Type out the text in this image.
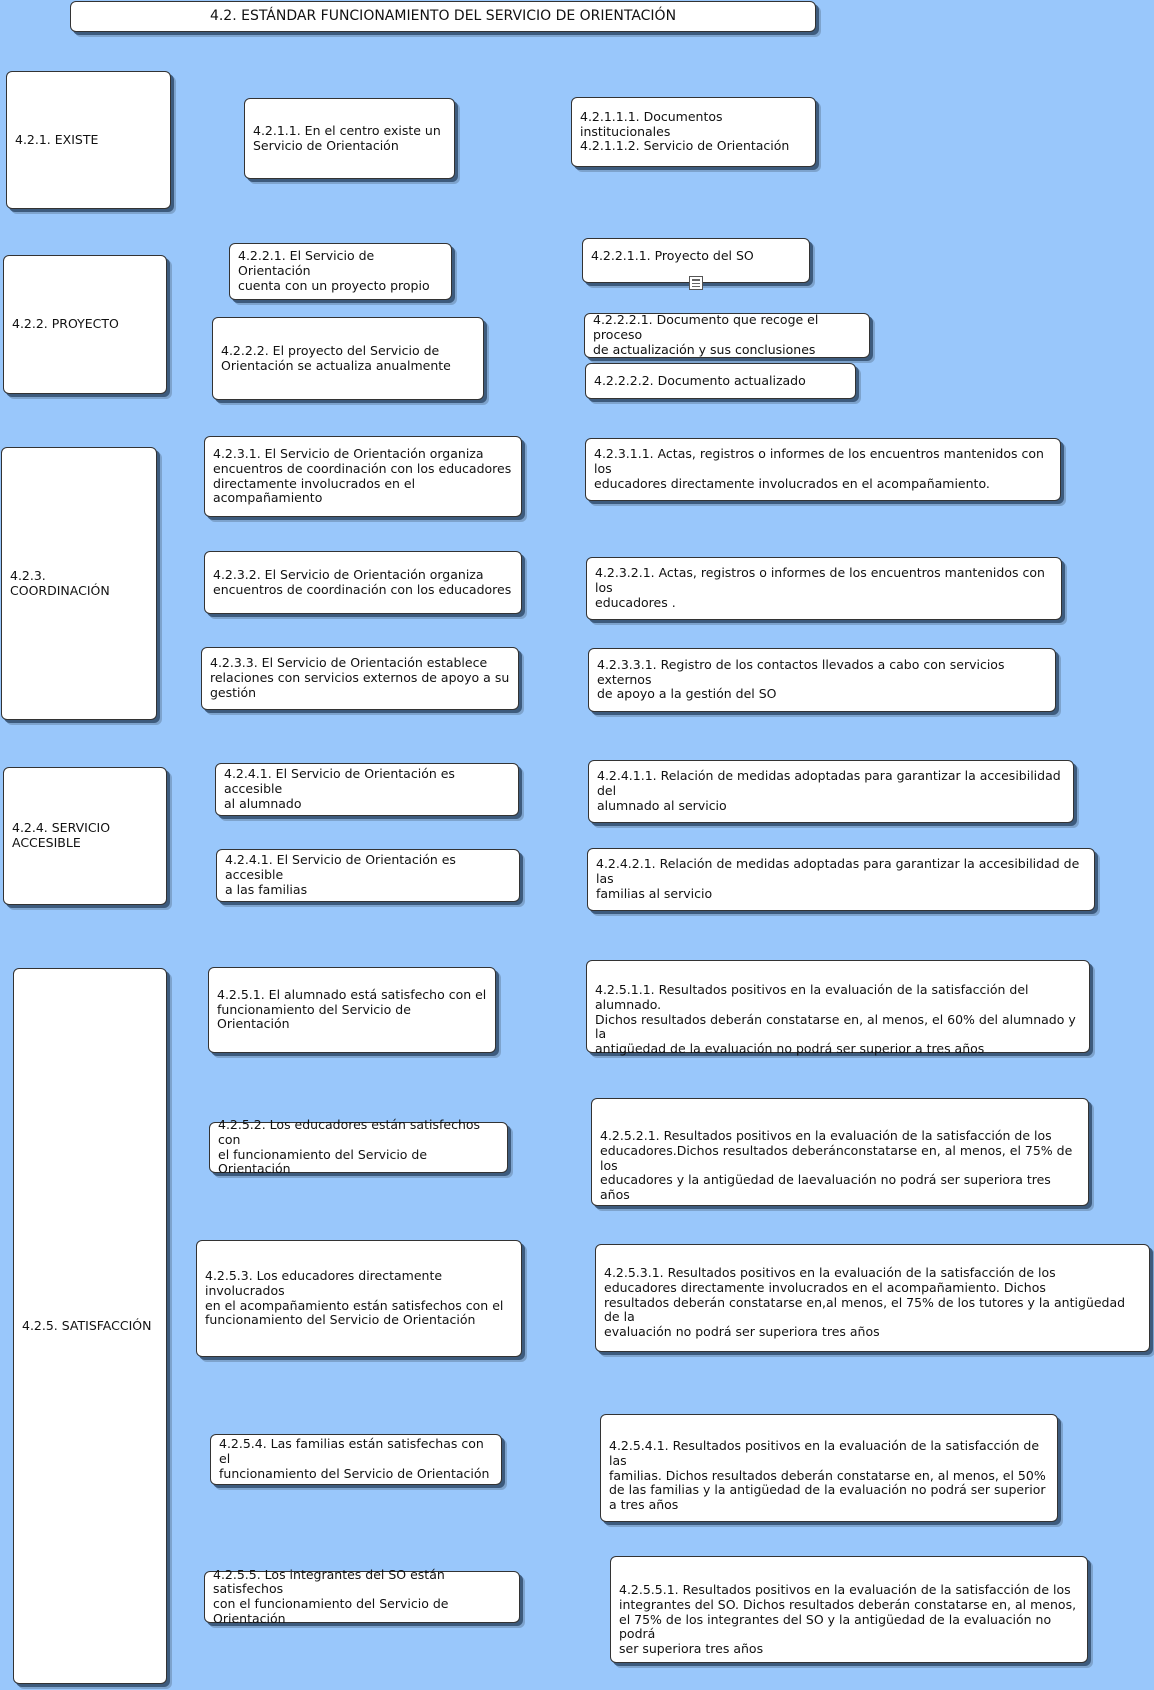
4.2. ESTÁNDAR FUNCIONAMIENTO DEL SERVICIO DE ORIENTACIÓN
4.2.1. EXISTE
4.2.2. PROYECTO
4.2.3. COORDINACIÓN
4.2.4. SERVICIO
ACCESIBLE
4.2.5. SATISFACCIÓN
4.2.1.1. En el centro existe un
Servicio de Orientación
4.2.2.1. El Servicio de Orientación
cuenta con un proyecto propio
4.2.2.2. El proyecto del Servicio de
Orientación se actualiza anualmente
4.2.3.1. El Servicio de Orientación organiza
encuentros de coordinación con los educadores
directamente involucrados en el acompañamiento
4.2.3.2. El Servicio de Orientación organiza
encuentros de coordinación con los educadores
4.2.3.3. El Servicio de Orientación establece
relaciones con servicios externos de apoyo a su
gestión
4.2.4.1. El Servicio de Orientación es accesible
al alumnado
4.2.4.1. El Servicio de Orientación es accesible
a las familias
4.2.5.1. El alumnado está satisfecho con el
funcionamiento del Servicio de Orientación
4.2.5.2. Los educadores están satisfechos con
el funcionamiento del Servicio de Orientación
4.2.5.3. Los educadores directamente involucrados
en el acompañamiento están satisfechos con el
funcionamiento del Servicio de Orientación
4.2.5.4. Las familias están satisfechas con el
funcionamiento del Servicio de Orientación
4.2.5.5. Los integrantes del SO están satisfechos
con el funcionamiento del Servicio de Orientación
4.2.1.1.1. Documentos institucionales
4.2.1.1.2. Servicio de Orientación
4.2.2.1.1. Proyecto del SO
4.2.2.2.1. Documento que recoge el proceso
de actualización y sus conclusiones
4.2.2.2.2. Documento actualizado
4.2.3.1.1. Actas, registros o informes de los encuentros mantenidos con los
educadores directamente involucrados en el acompañamiento.
4.2.3.2.1. Actas, registros o informes de los encuentros mantenidos con los
educadores .
4.2.3.3.1. Registro de los contactos llevados a cabo con servicios externos
de apoyo a la gestión del SO
4.2.4.1.1. Relación de medidas adoptadas para garantizar la accesibilidad del
alumnado al servicio
4.2.4.2.1. Relación de medidas adoptadas para garantizar la accesibilidad de las
familias al servicio
4.2.5.1.1. Resultados positivos en la evaluación de la satisfacción del alumnado.
Dichos resultados deberán constatarse en, al menos, el 60% del alumnado y la
antigüedad de la evaluación no podrá ser superior a tres años
4.2.5.2.1. Resultados positivos en la evaluación de la satisfacción de los
educadores.Dichos resultados deberánconstatarse en, al menos, el 75% de los
educadores y la antigüedad de laevaluación no podrá ser superiora tres años
4.2.5.3.1. Resultados positivos en la evaluación de la satisfacción de los
educadores directamente involucrados en el acompañamiento. Dichos
resultados deberán constatarse en,al menos, el 75% de los tutores y la antigüedad de la
evaluación no podrá ser superiora tres años
4.2.5.4.1. Resultados positivos en la evaluación de la satisfacción de las
familias. Dichos resultados deberán constatarse en, al menos, el 50%
de las familias y la antigüedad de la evaluación no podrá ser superior
a tres años
4.2.5.5.1. Resultados positivos en la evaluación de la satisfacción de los
integrantes del SO. Dichos resultados deberán constatarse en, al menos,
el 75% de los integrantes del SO y la antigüedad de la evaluación no podrá
ser superiora tres años
